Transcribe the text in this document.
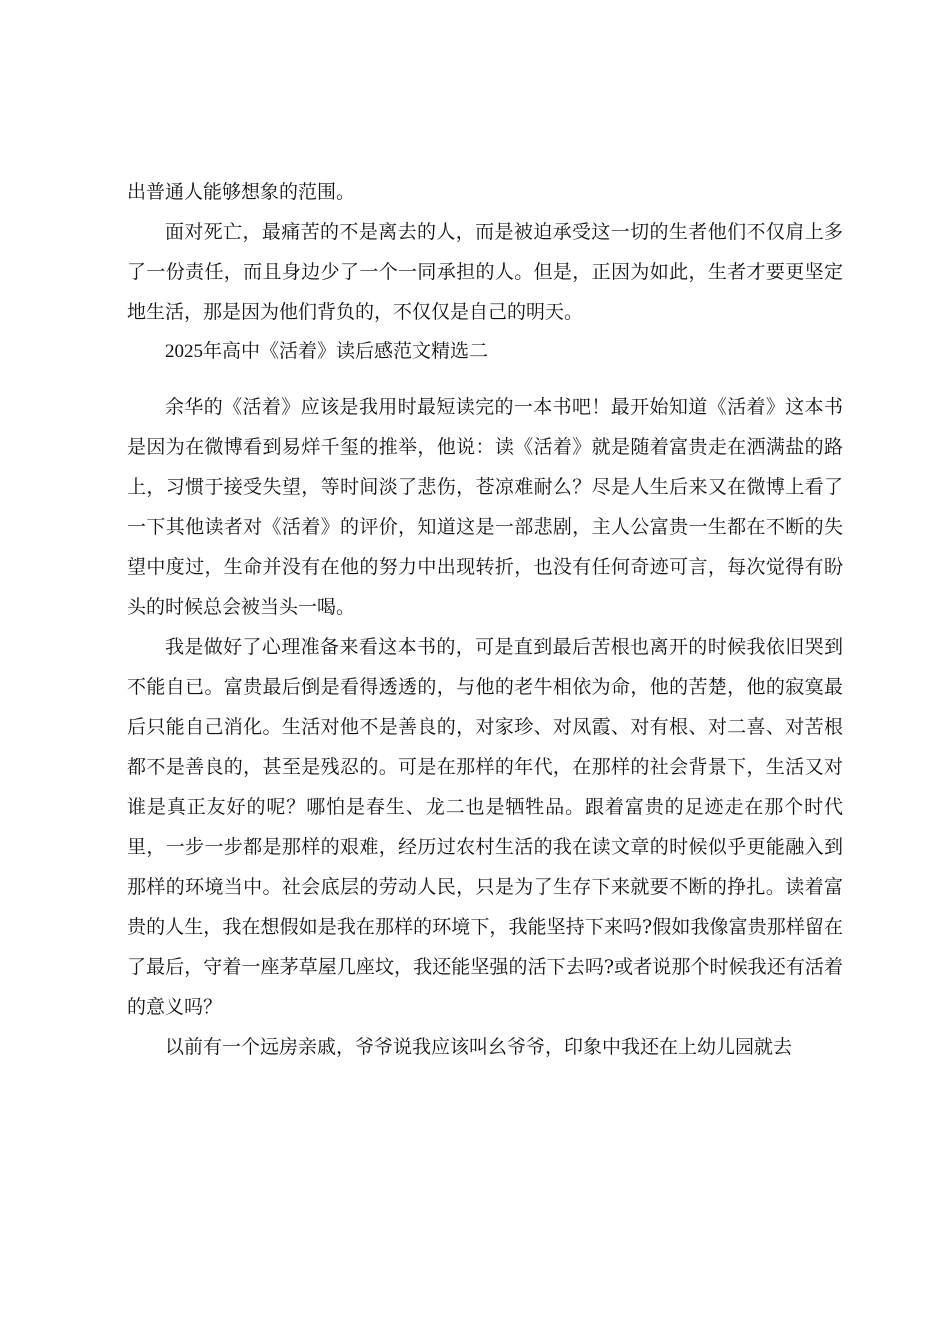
出普通人能够想象的范围。

面对死亡，最痛苦的不是离去的人，而是被迫承受这一切的生者他们不仅肩上多了一份责任，而且身边少了一个一同承担的人。但是，正因为如此，生者才要更坚定地生活，那是因为他们背负的，不仅仅是自己的明天。

2025年高中《活着》读后感范文精选二

余华的《活着》应该是我用时最短读完的一本书吧！最开始知道《活着》这本书是因为在微博看到易烊千玺的推举，他说：读《活着》就是随着富贵走在洒满盐的路上，习惯于接受失望，等时间淡了悲伤，苍凉难耐么？尽是人生后来又在微博上看了一下其他读者对《活着》的评价，知道这是一部悲剧，主人公富贵一生都在不断的失望中度过，生命并没有在他的努力中出现转折，也没有任何奇迹可言，每次觉得有盼头的时候总会被当头一喝。

我是做好了心理准备来看这本书的，可是直到最后苦根也离开的时候我依旧哭到不能自已。富贵最后倒是看得透透的，与他的老牛相依为命，他的苦楚，他的寂寞最后只能自己消化。生活对他不是善良的，对家珍、对凤霞、对有根、对二喜、对苦根都不是善良的，甚至是残忍的。可是在那样的年代，在那样的社会背景下，生活又对谁是真正友好的呢？哪怕是春生、龙二也是牺牲品。跟着富贵的足迹走在那个时代里，一步一步都是那样的艰难，经历过农村生活的我在读文章的时候似乎更能融入到那样的环境当中。社会底层的劳动人民，只是为了生存下来就要不断的挣扎。读着富贵的人生，我在想假如是我在那样的环境下，我能坚持下来吗?假如我像富贵那样留在了最后，守着一座茅草屋几座坟，我还能坚强的活下去吗?或者说那个时候我还有活着的意义吗？

以前有一个远房亲戚，爷爷说我应该叫幺爷爷，印象中我还在上幼儿园就去
